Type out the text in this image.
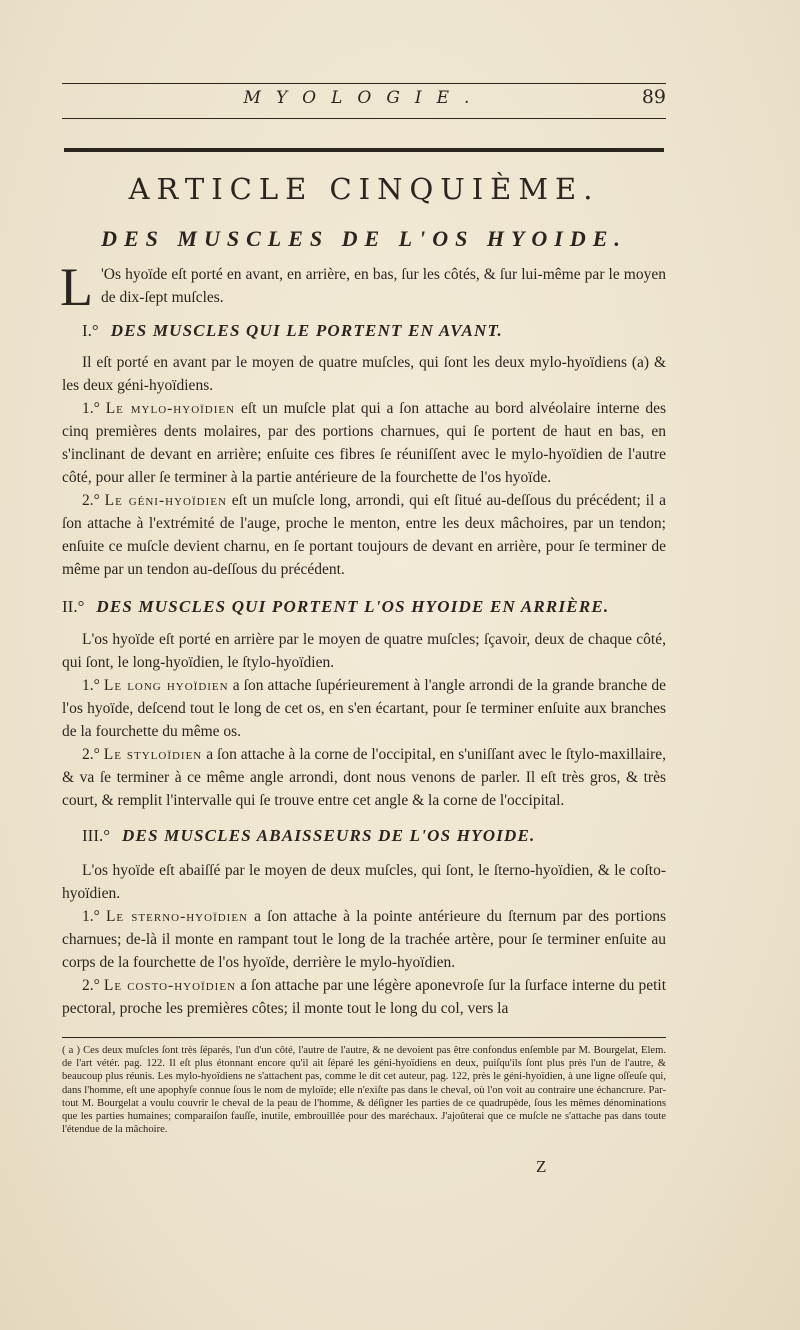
MYOLOGIE.	89
ARTICLE CINQUIÈME.
DES MUSCLES DE L'OS HYOIDE.
L 'Os hyoïde eſt porté en avant, en arrière, en bas, ſur les côtés, & ſur lui-même par le moyen de dix-ſept muſcles.
I.° DES MUSCLES QUI LE PORTENT EN AVANT.

Il eſt porté en avant par le moyen de quatre muſcles, qui ſont les deux mylo-hyoïdiens (a) & les deux géni-hyoïdiens.

1.° Le mylo-hyoïdien eſt un muſcle plat qui a ſon attache au bord alvéolaire interne des cinq premières dents molaires, par des portions charnues, qui ſe portent de haut en bas, en s'inclinant de devant en arrière; enſuite ces fibres ſe réuniſſent avec le mylo-hyoïdien de l'autre côté, pour aller ſe terminer à la partie antérieure de la fourchette de l'os hyoïde.

2.° Le géni-hyoïdien eſt un muſcle long, arrondi, qui eſt ſitué au-deſſous du précédent; il a ſon attache à l'extrémité de l'auge, proche le menton, entre les deux mâchoires, par un tendon; enſuite ce muſcle devient charnu, en ſe portant toujours de devant en arrière, pour ſe terminer de même par un tendon au-deſſous du précédent.

II.° DES MUSCLES QUI PORTENT L'OS HYOIDE EN ARRIÈRE.

L'os hyoïde eſt porté en arrière par le moyen de quatre muſcles; ſçavoir, deux de chaque côté, qui ſont, le long-hyoïdien, le ſtylo-hyoïdien.

1.° Le long hyoïdien a ſon attache ſupérieurement à l'angle arrondi de la grande branche de l'os hyoïde, deſcend tout le long de cet os, en s'en écartant, pour ſe terminer enſuite aux branches de la fourchette du même os.

2.° Le styloïdien a ſon attache à la corne de l'occipital, en s'uniſſant avec le ſtylo-maxillaire, & va ſe terminer à ce même angle arrondi, dont nous venons de parler. Il eſt très gros, & très court, & remplit l'intervalle qui ſe trouve entre cet angle & la corne de l'occipital.

III.° DES MUSCLES ABAISSEURS DE L'OS HYOIDE.

L'os hyoïde eſt abaiſſé par le moyen de deux muſcles, qui ſont, le ſterno-hyoïdien, & le coſto-hyoïdien.

1.° Le sterno-hyoïdien a ſon attache à la pointe antérieure du ſternum par des portions charnues; de-là il monte en rampant tout le long de la trachée artère, pour ſe terminer enſuite au corps de la fourchette de l'os hyoïde, derrière le mylo-hyoïdien.

2.° Le costo-hyoïdien a ſon attache par une légère aponevroſe ſur la ſurface interne du petit pectoral, proche les premières côtes; il monte tout le long du col, vers la

( a ) Ces deux muſcles ſont très ſéparés, l'un d'un côté, l'autre de l'autre, & ne devoient pas être confondus enſemble par M. Bourgelat, Elem. de l'art vétér. pag. 122. Il eſt plus étonnant encore qu'il ait ſéparé les géni-hyoïdiens en deux, puiſqu'ils ſont plus près l'un de l'autre, & beaucoup plus réunis. Les mylo-hyoïdiens ne s'attachent pas, comme le dit cet auteur, pag. 122, près le géni-hyoïdien, à une ligne oſſeuſe qui, dans l'homme, eſt une apophyſe connue ſous le nom de myloïde; elle n'exiſte pas dans le cheval, où l'on voit au contraire une échancrure. Par-tout M. Bourgelat a voulu couvrir le cheval de la peau de l'homme, & déſigner les parties de ce quadrupède, ſous les mêmes dénominations que les parties humaines; comparaiſon fauſſe, inutile, embrouillée pour des maréchaux. J'ajoûterai que ce muſcle ne s'attache pas dans toute l'étendue de la mâchoire.

Z
